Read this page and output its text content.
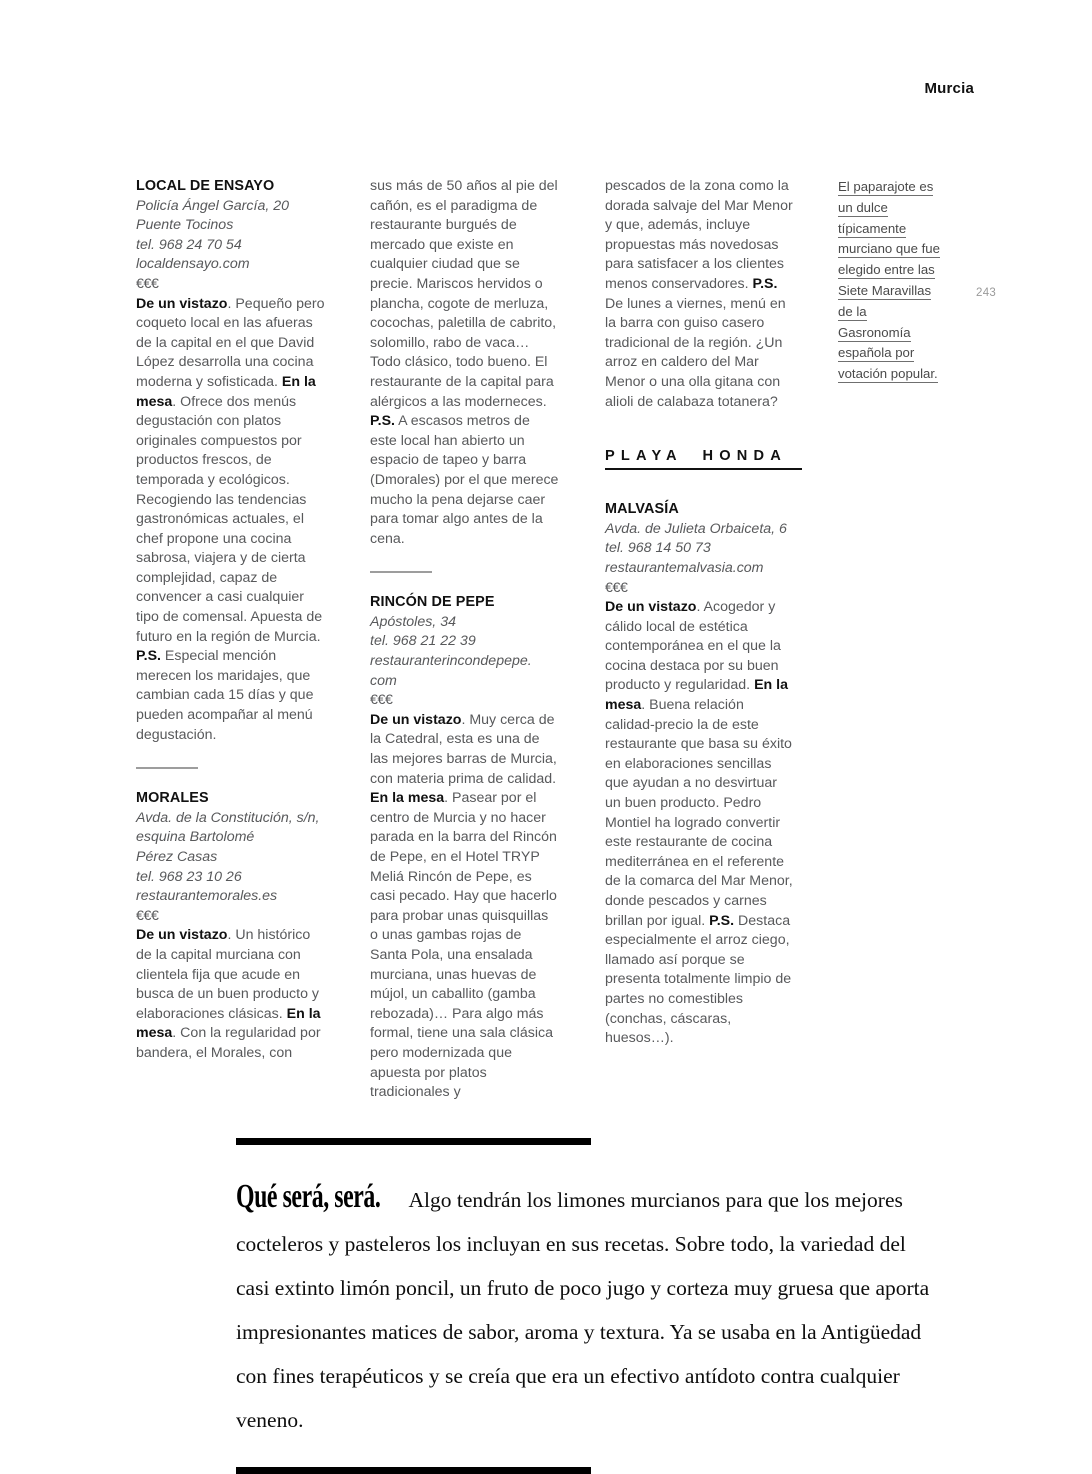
Murcia
243
LOCAL DE ENSAYO
Policía Ángel García, 20
Puente Tocinos
tel. 968 24 70 54
localdensayo.com
€€€

De un vistazo. Pequeño pero coqueto local en las afueras de la capital en el que David López desarrolla una cocina moderna y sofisticada. En la mesa. Ofrece dos menús degustación con platos originales compuestos por productos frescos, de temporada y ecológicos. Recogiendo las tendencias gastronómicas actuales, el chef propone una cocina sabrosa, viajera y de cierta complejidad, capaz de convencer a casi cualquier tipo de comensal. Apuesta de futuro en la región de Murcia. P.S. Especial mención merecen los maridajes, que cambian cada 15 días y que pueden acompañar al menú degustación.

MORALES
Avda. de la Constitución, s/n,
esquina Bartolomé
Pérez Casas
tel. 968 23 10 26
restaurantemorales.es
€€€

De un vistazo. Un histórico de la capital murciana con clientela fija que acude en busca de un buen producto y elaboraciones clásicas. En la mesa. Con la regularidad por bandera, el Morales, con

sus más de 50 años al pie del cañón, es el paradigma de restaurante burgués de mercado que existe en cualquier ciudad que se precie. Mariscos hervidos o plancha, cogote de merluza, cocochas, paletilla de cabrito, solomillo, rabo de vaca… Todo clásico, todo bueno. El restaurante de la capital para alérgicos a las moderneces. P.S. A escasos metros de este local han abierto un espacio de tapeo y barra (Dmorales) por el que merece mucho la pena dejarse caer para tomar algo antes de la cena.

RINCÓN DE PEPE
Apóstoles, 34
tel. 968 21 22 39
restauranterincondepepe.
com
€€€

De un vistazo. Muy cerca de la Catedral, esta es una de las mejores barras de Murcia, con materia prima de calidad. En la mesa. Pasear por el centro de Murcia y no hacer parada en la barra del Rincón de Pepe, en el Hotel TRYP Meliá Rincón de Pepe, es casi pecado. Hay que hacerlo para probar unas quisquillas o unas gambas rojas de Santa Pola, una ensalada murciana, unas huevas de mújol, un caballito (gamba rebozada)… Para algo más formal, tiene una sala clásica pero modernizada que apuesta por platos tradicionales y

pescados de la zona como la dorada salvaje del Mar Menor y que, además, incluye propuestas más novedosas para satisfacer a los clientes menos conservadores. P.S. De lunes a viernes, menú en la barra con guiso casero tradicional de la región. ¿Un arroz en caldero del Mar Menor o una olla gitana con alioli de calabaza totanera?

PLAYA HONDA
MALVASÍA
Avda. de Julieta Orbaiceta, 6
tel. 968 14 50 73
restaurantemalvasia.com
€€€

De un vistazo. Acogedor y cálido local de estética contemporánea en el que la cocina destaca por su buen producto y regularidad. En la mesa. Buena relación calidad-precio la de este restaurante que basa su éxito en elaboraciones sencillas que ayudan a no desvirtuar un buen producto. Pedro Montiel ha logrado convertir este restaurante de cocina mediterránea en el referente de la comarca del Mar Menor, donde pescados y carnes brillan por igual. P.S. Destaca especialmente el arroz ciego, llamado así porque se presenta totalmente limpio de partes no comestibles (conchas, cáscaras, huesos…).

El paparajote es un dulce típicamente murciano que fue elegido entre las Siete Maravillas de la Gasronomía española por votación popular.
Qué será, será. Algo tendrán los limones murcianos para que los mejores cocteleros y pasteleros los incluyan en sus recetas. Sobre todo, la variedad del casi extinto limón poncil, un fruto de poco jugo y corteza muy gruesa que aporta impresionantes matices de sabor, aroma y textura. Ya se usaba en la Antigüedad con fines terapéuticos y se creía que era un efectivo antídoto contra cualquier veneno.
